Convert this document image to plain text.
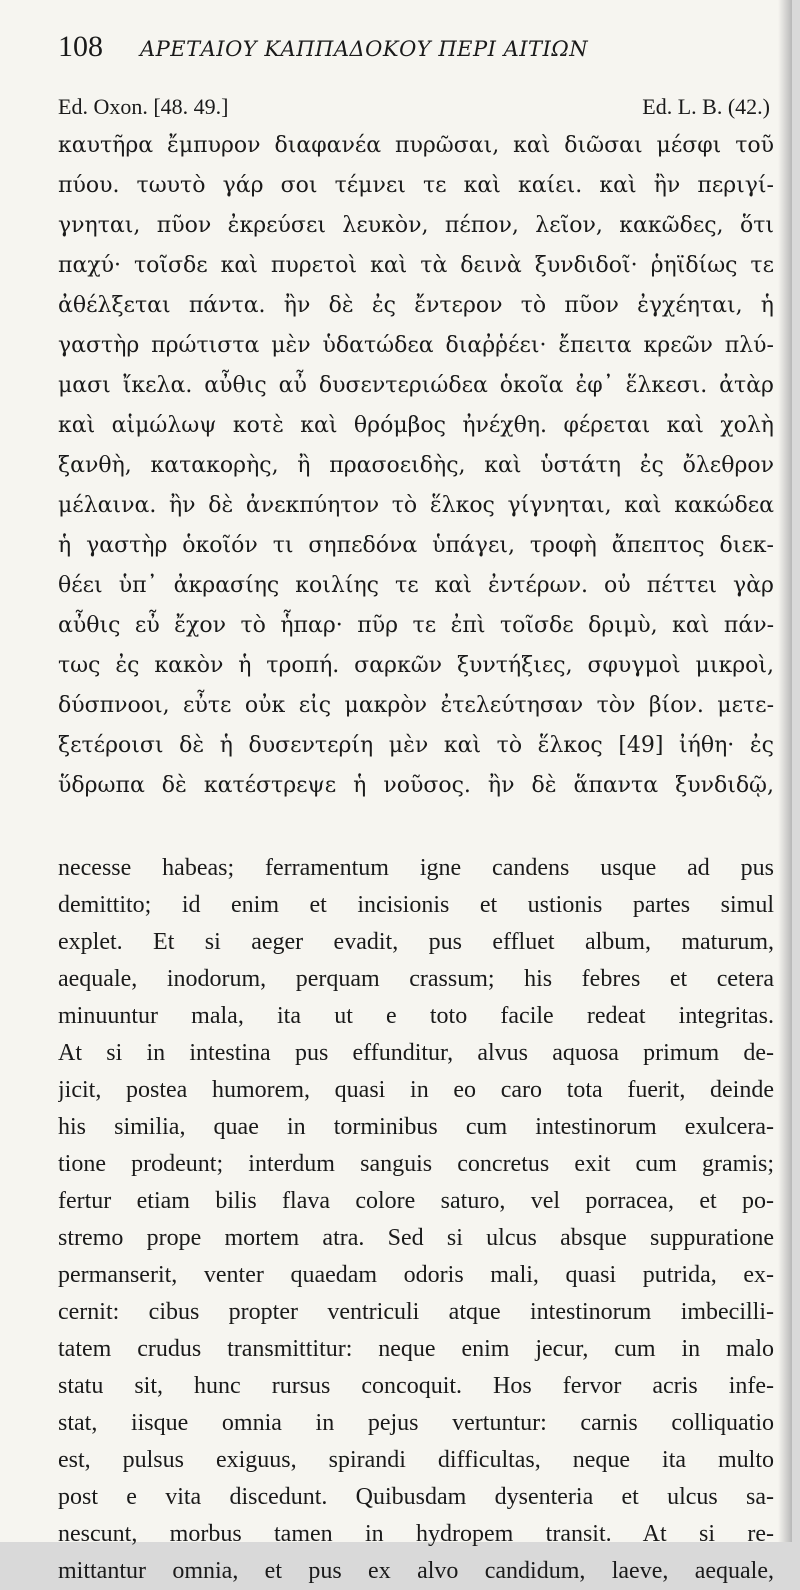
108	ΑΡΕΤΑΙΟΥ ΚΑΠΠΑΔΟΚΟΥ ΠΕΡΙ ΑΙΤΙΩΝ
Ed. Oxon. [48. 49.]	Ed. L. B. (42.)
καυτῆρα ἔμπυρον διαφανέα πυρῶσαι, καὶ διῶσαι μέσφι τοῦ
πύου. τωυτὸ γάρ σοι τέμνει τε καὶ καίει. καὶ ἢν περιγί-
γνηται, πῦον ἐκρεύσει λευκὸν, πέπον, λεῖον, κακῶδες, ὅτι
παχύ· τοῖσδε καὶ πυρετοὶ καὶ τὰ δεινὰ ξυνδιδοῖ· ῥηϊδίως τε
ἀθέλξεται πάντα. ἢν δὲ ἐς ἔντερον τὸ πῦον ἐγχέηται, ἡ
γαστὴρ πρώτιστα μὲν ὑδατώδεα διαῤῥέει· ἔπειτα κρεῶν πλύ-
μασι ἴκελα. αὖθις αὖ δυσεντεριώδεα ὁκοῖα ἐφ᾽ ἕλκεσι. ἀτὰρ
καὶ αἱμώλωψ κοτὲ καὶ θρόμβος ἠνέχθη. φέρεται καὶ χολὴ
ξανθὴ, κατακορὴς, ἢ πρασοειδὴς, καὶ ὑστάτη ἐς ὄλεθρον
μέλαινα. ἢν δὲ ἀνεκπύητον τὸ ἕλκος γίγνηται, καὶ κακώδεα
ἡ γαστὴρ ὁκοῖόν τι σηπεδόνα ὑπάγει, τροφὴ ἄπεπτος διεκ-
θέει ὑπ᾽ ἀκρασίης κοιλίης τε καὶ ἐντέρων. οὐ πέττει γὰρ
αὖθις εὖ ἔχον τὸ ἧπαρ· πῦρ τε ἐπὶ τοῖσδε δριμὺ, καὶ πάν-
τως ἐς κακὸν ἡ τροπή. σαρκῶν ξυντήξιες, σφυγμοὶ μικροὶ,
δύσπνοοι, εὖτε οὐκ εἰς μακρὸν ἐτελεύτησαν τὸν βίον. μετε-
ξετέροισι δὲ ἡ δυσεντερίη μὲν καὶ τὸ ἕλκος [49] ἰήθη· ἐς
ὕδρωπα δὲ κατέστρεψε ἡ νοῦσος. ἢν δὲ ἅπαντα ξυνδιδῷ,
necesse habeas; ferramentum igne candens usque ad pus
demittito; id enim et incisionis et ustionis partes simul
explet. Et si aeger evadit, pus effluet album, maturum,
aequale, inodorum, perquam crassum; his febres et cetera
minuuntur mala, ita ut e toto facile redeat integritas.
At si in intestina pus effunditur, alvus aquosa primum de-
jicit, postea humorem, quasi in eo caro tota fuerit, deinde
his similia, quae in torminibus cum intestinorum exulcera-
tione prodeunt; interdum sanguis concretus exit cum gramis;
fertur etiam bilis flava colore saturo, vel porracea, et po-
stremo prope mortem atra. Sed si ulcus absque suppuratione
permanserit, venter quaedam odoris mali, quasi putrida, ex-
cernit: cibus propter ventriculi atque intestinorum imbecilli-
tatem crudus transmittitur: neque enim jecur, cum in malo
statu sit, hunc rursus concoquit. Hos fervor acris infe-
stat, iisque omnia in pejus vertuntur: carnis colliquatio
est, pulsus exiguus, spirandi difficultas, neque ita multo
post e vita discedunt. Quibusdam dysenteria et ulcus sa-
nescunt, morbus tamen in hydropem transit. At si re-
mittantur omnia, et pus ex alvo candidum, laeve, aequale,
